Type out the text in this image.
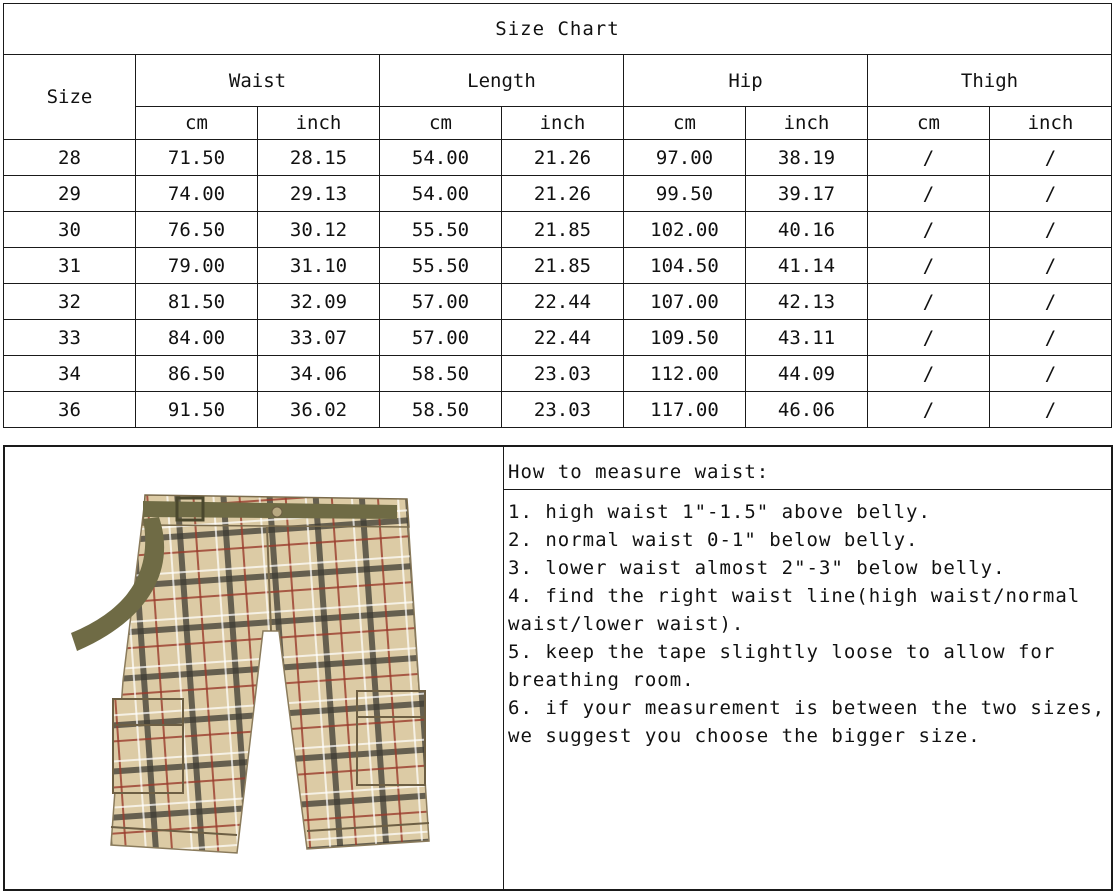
Size Chart								
Size	Waist		Length		Hip		Thigh	
	cm	inch	cm	inch	cm	inch	cm	inch
28	71.50	28.15	54.00	21.26	97.00	38.19	/	/
29	74.00	29.13	54.00	21.26	99.50	39.17	/	/
30	76.50	30.12	55.50	21.85	102.00	40.16	/	/
31	79.00	31.10	55.50	21.85	104.50	41.14	/	/
32	81.50	32.09	57.00	22.44	107.00	42.13	/	/
33	84.00	33.07	57.00	22.44	109.50	43.11	/	/
34	86.50	34.06	58.50	23.03	112.00	44.09	/	/
36	91.50	36.02	58.50	23.03	117.00	46.06	/	/
How to measure waist:

1. high waist 1"-1.5" above belly.

2. normal waist 0-1" below belly.

3. lower waist almost 2"-3" below belly.

4. find the right waist line(high waist/normal waist/lower waist).

5. keep the tape slightly loose to allow for breathing room.

6. if your measurement is between the two sizes, we suggest you choose the bigger size.
